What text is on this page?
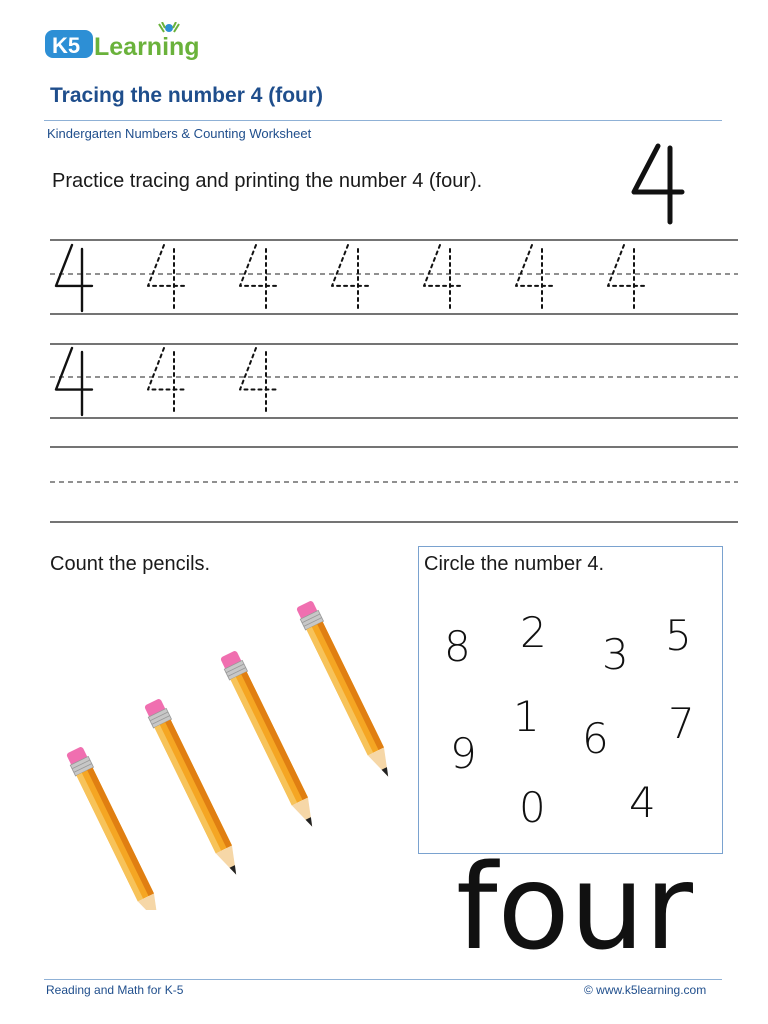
K5 Learning
Tracing the number 4 (four)
Kindergarten Numbers & Counting Worksheet
Practice tracing and printing the number 4 (four).
Count the pencils.	Circle the number 4.
8 2 3 5
1	7
9	6
0 4
four
Reading and Math for K-5	© www.k5learning.com
